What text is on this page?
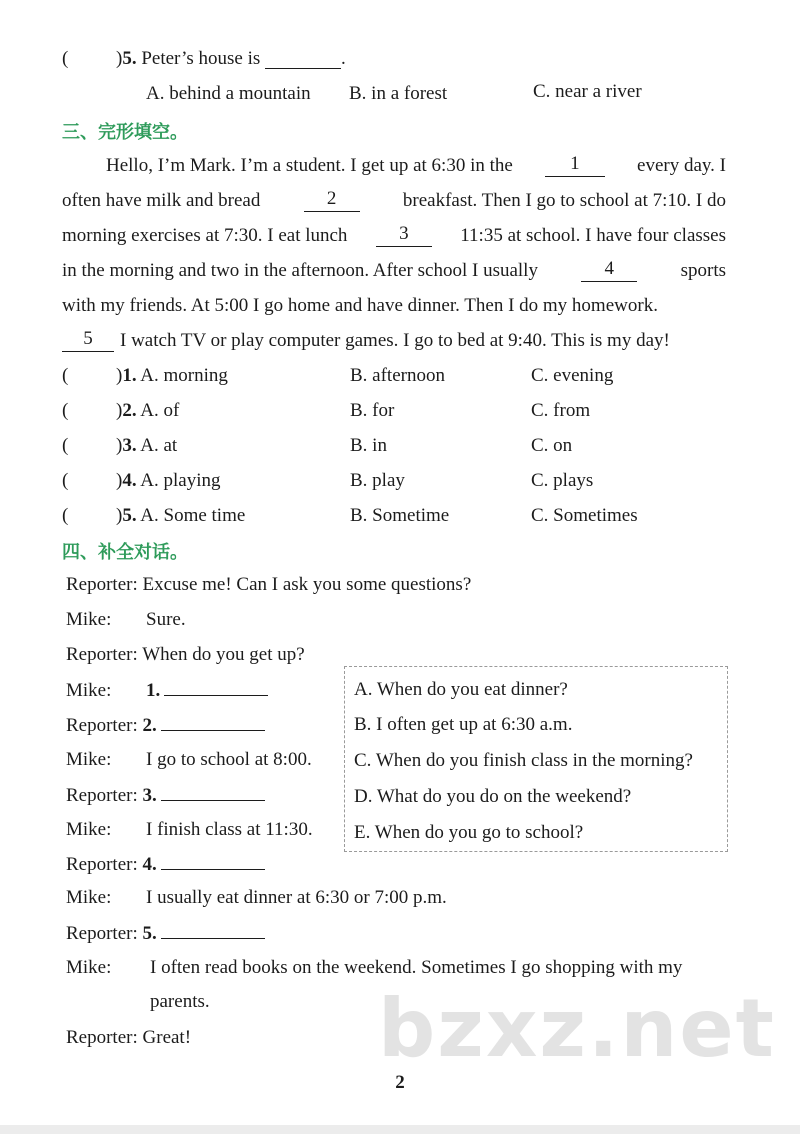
(	)5. Peter’s house is	.
A. behind a mountain B. in a forest	C. near a river
三、完形填空。
Hello, I’m Mark. I’m a student. I get up at 6:30 in the	1	every day. I
often have milk and bread	2	breakfast. Then I go to school at 7:10. I do
morning exercises at 7:30. I eat lunch	3	11:35 at school. I have four classes
in the morning and two in the afternoon. After school I usually	4	sports
with my friends. At 5:00 I go home and have dinner. Then I do my homework.
5	I watch TV or play computer games. I go to bed at 9:40. This is my day!
(	)1. A. morning	B. afternoon	C. evening
(	)2. A. of	B. for	C. from
(	)3. A. at	B. in	C. on
(	)4. A. playing	B. play	C. plays
(	)5. A. Some time	B. Sometime	C. Sometimes
四、补全对话。
Reporter: Excuse me! Can I ask you some questions?
Mike: Sure.
Reporter: When do you get up?
Mike: 1.
Reporter: 2.
Mike: I go to school at 8:00.
Reporter: 3.
Mike: I finish class at 11:30.
Reporter: 4.
Mike: I usually eat dinner at 6:30 or 7:00 p.m.
Reporter: 5.
Mike: I often read books on the weekend. Sometimes I go shopping with my
parents.
Reporter: Great!
A. When do you eat dinner?
B. I often get up at 6:30 a.m.
C. When do you finish class in the morning?
D. What do you do on the weekend?
E. When do you go to school?
bzxz.net
2
